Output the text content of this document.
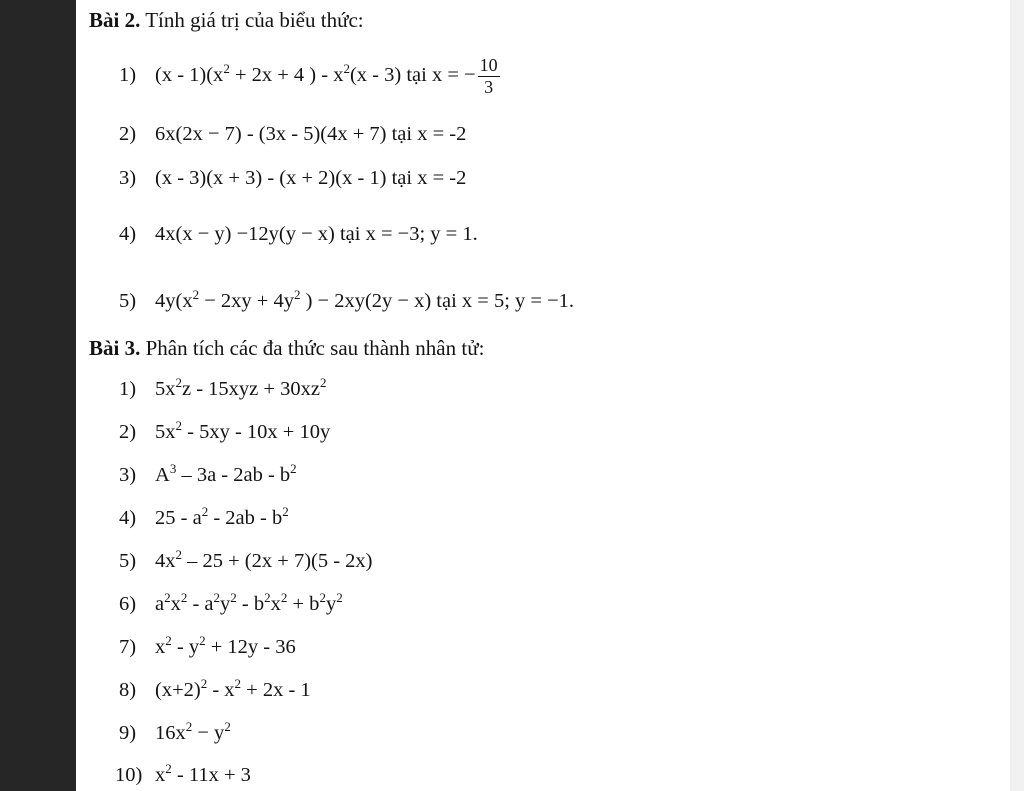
Bài 2. Tính giá trị của biểu thức:
1) $(x - 1)(x^2 + 2x + 4$ ) - $x^2(x - 3)$ tại x = − $\frac{10}{3}$
2) 6x(2x − 7) - (3x - 5)(4x + 7) tại x = -2
3) (x - 3)(x + 3) - (x + 2)(x - 1) tại x = -2
4) 4x(x − y) −12y(y − x) tại x = −3; y = 1.
5) $4y(x^2 - 2xy + 4y^2$ ) − 2xy(2y − x) tại x = 5; y = −1.
Bài 3. Phân tích các đa thức sau thành nhân tử:
1) $5x^2z - 15xyz + 30xz^2$
2) $5x^2 - 5xy - 10x + 10y$
3) $A^3 - 3a - 2ab - b^2$
4) $25 - a^2 - 2ab - b^2$
5) $4x^2 - 25 + (2x + 7)(5 - 2x)$
6) $a^2x^2 - a^2y^2 - b^2x^2 + b^2y^2$
7) $x^2 - y^2 + 12y - 36$
8) $(x+2)^2 - x^2 + 2x - 1$
9) $16x^2 - y^2$
10) $x^2 - 11x + 3$
